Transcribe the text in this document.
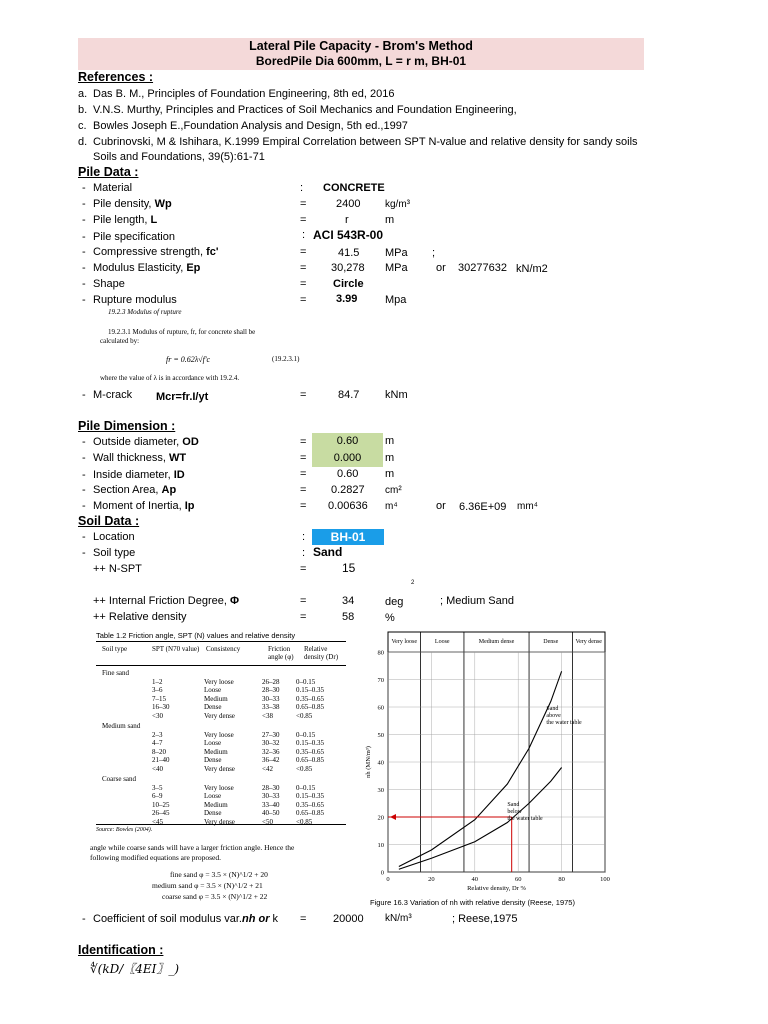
Lateral Pile Capacity - Brom's Method
BoredPile Dia 600mm, L = r m, BH-01
References :
a. Das B. M., Principles of Foundation Engineering, 8th ed, 2016
b. V.N.S. Murthy, Principles and Practices of Soil Mechanics and Foundation Engineering,
c. Bowles Joseph E.,Foundation Analysis and Design, 5th ed.,1997
d. Cubrinovski, M & Ishihara, K.1999 Empiral Correlation between SPT N-value and relative density for sandy soils
Soils and Foundations, 39(5):61-71
Pile Data :
- Material	: CONCRETE
- Pile density, Wp	=	2400 kg/m³
- Pile length, L	=	r	m
- Pile specification	: ACI 543R-00
- Compressive strength, fc'	=	41.5 MPa ;
- Modulus Elasticity, Ep	= 30,278 MPa	or 30277632 kN/m2
- Shape	= Circle
- Rupture modulus	=	3.99	Mpa
19.2.3 Modulus of rupture
19.2.3.1 Modulus of rupture, fr, for concrete shall be
calculated by:
fr = 0.62λ√f'c	(19.2.3.1)
where the value of λ is in accordance with 19.2.4.
- M-crack Mcr=fr.I/yt	=	84.7 kNm
Pile Dimension :
- Outside diameter, OD	=	0.60	m
- Wall thickness, WT	=	0.000	m
- Inside diameter, ID	=	0.60 m
- Section Area, Ap	= 0.2827 cm²
- Moment of Inertia, Ip	= 0.00636 m⁴	or 6.36E+09 mm⁴
Soil Data :
- Location	:	BH-01
- Soil type	: Sand
++ N-SPT	=	15
2
++ Internal Friction Degree, Φ	=	34	deg	; Medium Sand
++ Relative density	=	58	%
Table 1.2 Friction angle, SPT (N) values and relative density
Soil type	SPT (N70 value) Consistency	Friction angle (φ)
Relative density (Dr)
Fine sand
1–2	Very loose	26–28 0–0.15
3–6	Loose	28–30 0.15–0.35
7–15	Medium	30–33 0.35–0.65
16–30	Dense	33–38 0.65–0.85
<30	Very dense	<38	<0.85
Medium sand
2–3	Very loose	27–30 0–0.15
4–7	Loose	30–32 0.15–0.35
8–20	Medium	32–36 0.35–0.65
21–40	Dense	36–42 0.65–0.85
<40	Very dense	<42	<0.85
Coarse sand
3–5	Very loose	28–30 0–0.15
6–9	Loose	30–33 0.15–0.35
10–25	Medium	33–40 0.35–0.65
26–45	Dense	40–50 0.65–0.85
<45	Very dense	<50	<0.85
Source: Bowles (2004).
angle while coarse sands will have a larger friction angle. Hence the
following modified equations are proposed.
fine sand φ = 3.5 × (N)^1/2 + 20
medium sand φ = 3.5 × (N)^1/2 + 21
coarse sand φ = 3.5 × (N)^1/2 + 22
Very loose	Loose	Medium dense	Dense	Very dense
0
10
20
30
40
50
60
70
80
0	20	40	60	80	100
Relative density, Dr %
nh (MN/m³)
Sand above the water table
Sand below the water table
Figure 16.3 Variation of nh with relative density (Reese, 1975)
- Coefficient of soil modulus var.nh or k = 20000 kN/m³	; Reese,1975
Identification :
∜(kD/〖4EI〗_)
